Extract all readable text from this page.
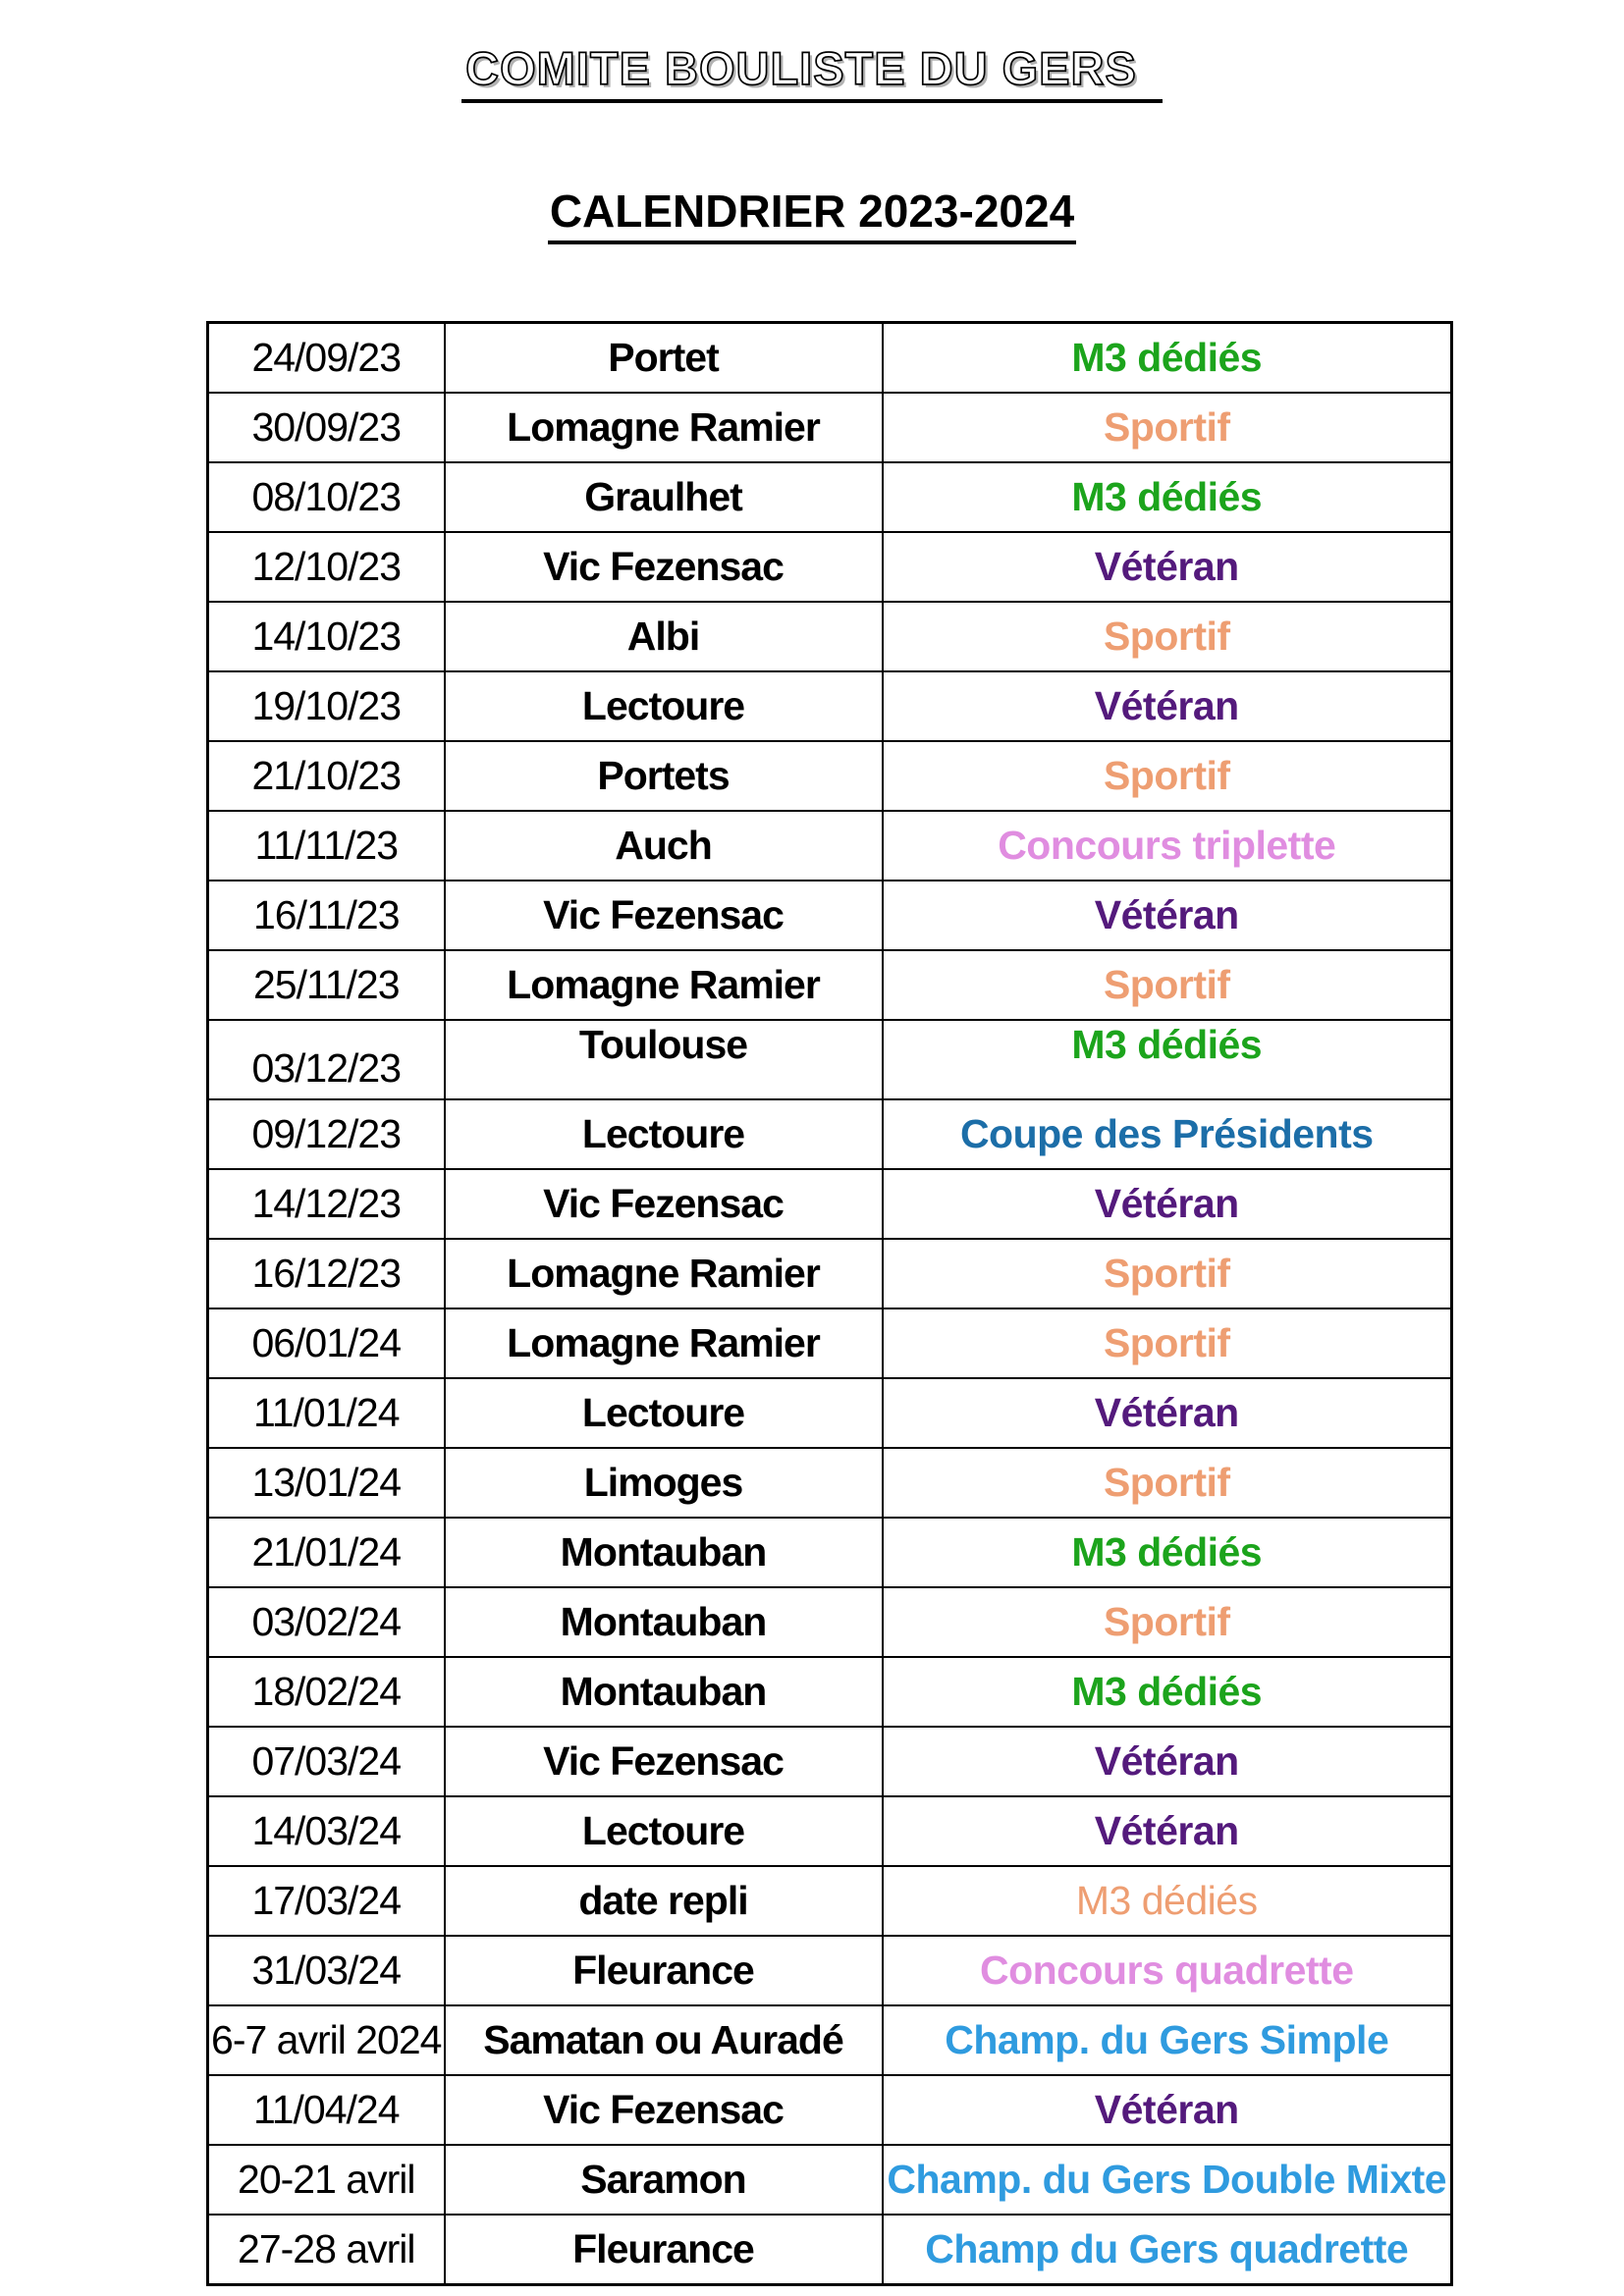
COMITE BOULISTE DU GERS
CALENDRIER 2023-2024
24/09/23	Portet	M3 dédiés
30/09/23	Lomagne Ramier	Sportif
08/10/23	Graulhet	M3 dédiés
12/10/23	Vic Fezensac	Vétéran
14/10/23	Albi	Sportif
19/10/23	Lectoure	Vétéran
21/10/23	Portets	Sportif
11/11/23	Auch	Concours triplette
16/11/23	Vic Fezensac	Vétéran
25/11/23	Lomagne Ramier	Sportif
03/12/23	Toulouse	M3 dédiés
09/12/23	Lectoure	Coupe des Présidents
14/12/23	Vic Fezensac	Vétéran
16/12/23	Lomagne Ramier	Sportif
06/01/24	Lomagne Ramier	Sportif
11/01/24	Lectoure	Vétéran
13/01/24	Limoges	Sportif
21/01/24	Montauban	M3 dédiés
03/02/24	Montauban	Sportif
18/02/24	Montauban	M3 dédiés
07/03/24	Vic Fezensac	Vétéran
14/03/24	Lectoure	Vétéran
17/03/24	date repli	M3 dédiés
31/03/24	Fleurance	Concours quadrette
6-7 avril 2024	Samatan ou Auradé	Champ. du Gers Simple
11/04/24	Vic Fezensac	Vétéran
20-21 avril	Saramon	Champ. du Gers Double Mixte
27-28 avril	Fleurance	Champ du Gers quadrette
